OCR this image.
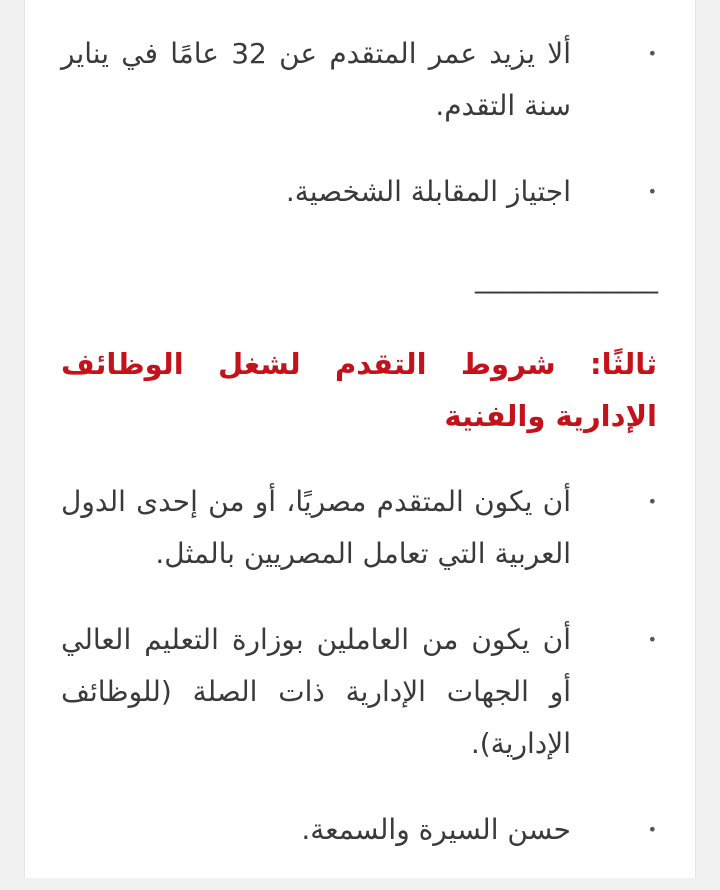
•
ألا يزيد عمر المتقدم عن 32 عامًا في يناير سنة التقدم.
•
اجتياز المقابلة الشخصية.
______________
ثالثًا: شروط التقدم لشغل الوظائف الإدارية والفنية
•
أن يكون المتقدم مصريًا، أو من إحدى الدول العربية التي تعامل المصريين بالمثل.
•
أن يكون من العاملين بوزارة التعليم العالي أو الجهات الإدارية ذات الصلة (للوظائف الإدارية).
•
حسن السيرة والسمعة.
